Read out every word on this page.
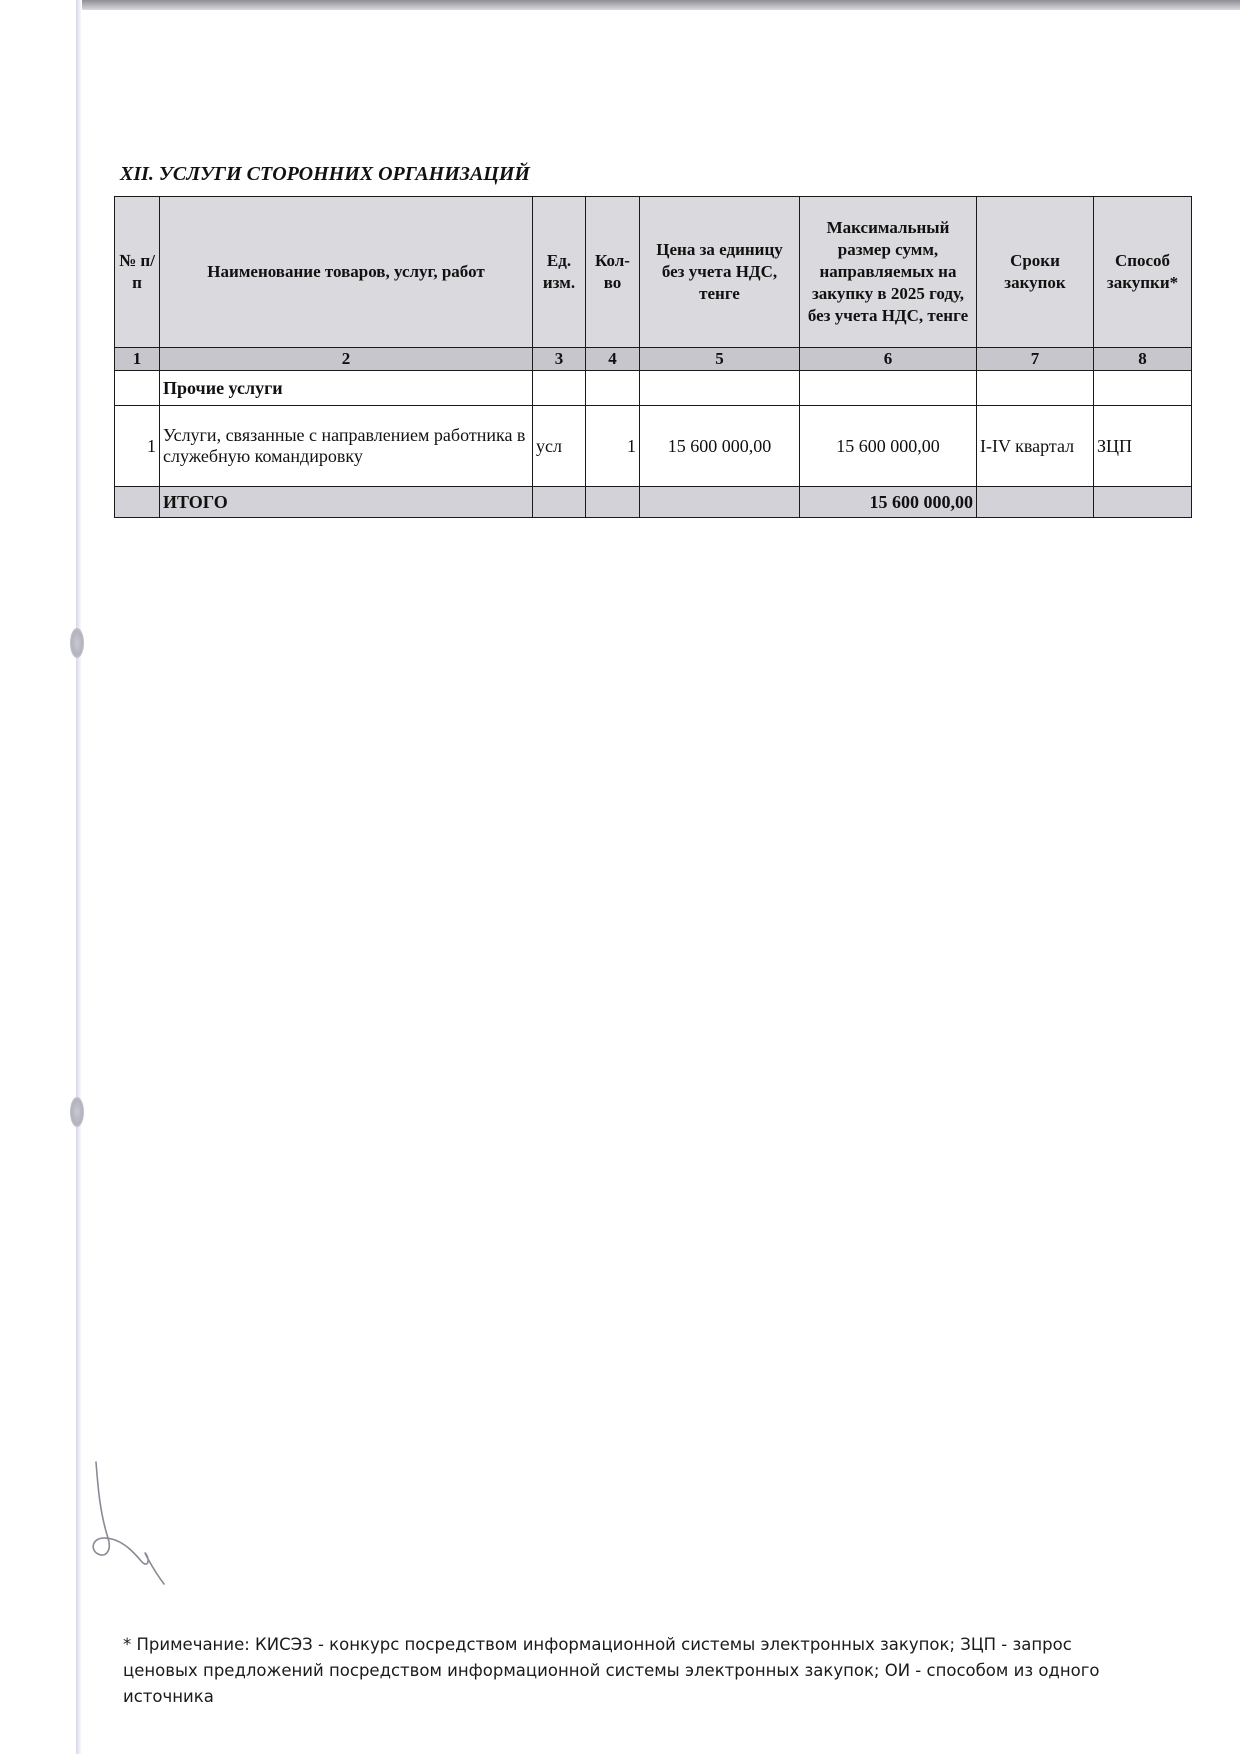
XII. УСЛУГИ СТОРОННИХ ОРГАНИЗАЦИЙ
№ п/п	Наименование товаров, услуг, работ	Ед. изм.	Кол-во	Цена за единицу без учета НДС, тенге	Максимальный размер сумм, направляемых на закупку в 2025 году, без учета НДС, тенге	Сроки закупок	Способ закупки*
1	2	3	4	5	6	7	8
	Прочие услуги						
1	Услуги, связанные с направлением работника в служебную командировку	усл	1	15 600 000,00	15 600 000,00	I-IV квартал	ЗЦП
	ИТОГО				15 600 000,00		

* Примечание: КИСЭЗ - конкурс посредством информационной системы электронных закупок; ЗЦП - запрос ценовых предложений посредством информационной системы электронных закупок; ОИ - способом из одного источника
